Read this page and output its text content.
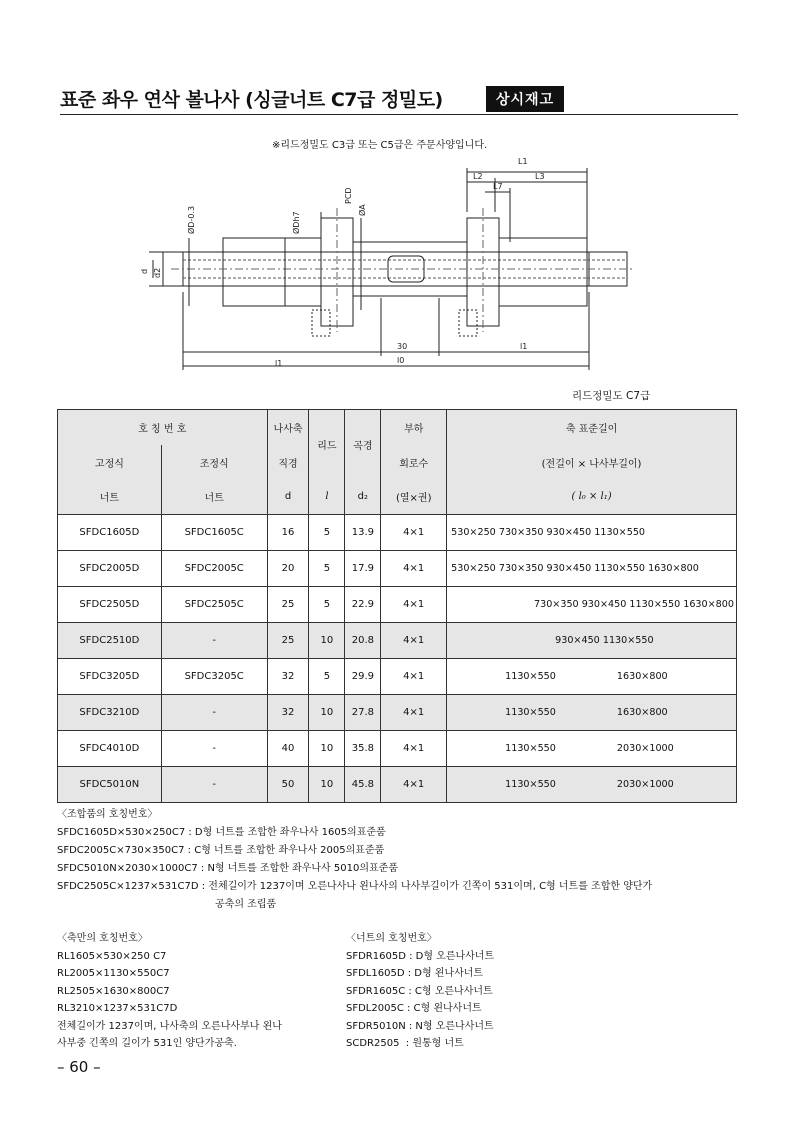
표준 좌우 연삭 볼나사 (싱글너트 C7급 정밀도)	상시재고
※리드정밀도 C3급 또는 C5급은 주문사양입니다.
L1
L2	L3
L7
l1
l1
30
l0
ØD-0.3	ØDh7
PCD
ØA
d d2
리드정밀도 C7급
호 칭 번 호		나사축	리드	곡경	부하	축 표준길이
고정식	조정식	직경			회로수	(전길이 × 나사부길이)
너트	너트	d	l	d₂	(열×권)	( l₀ × l₁)
SFDC1605D	SFDC1605C	16	5	13.9	4×1	530×250 730×350 930×450 1130×550
SFDC2005D	SFDC2005C	20	5	17.9	4×1	530×250 730×350 930×450 1130×550 1630×800
SFDC2505D	SFDC2505C	25	5	22.9	4×1	730×350 930×450 1130×550 1630×800
SFDC2510D	-	25	10	20.8	4×1	930×450 1130×550
SFDC3205D	SFDC3205C	32	5	29.9	4×1	1130×550                    1630×800
SFDC3210D	-	32	10	27.8	4×1	1130×550                    1630×800
SFDC4010D	-	40	10	35.8	4×1	1130×550                    2030×1000
SFDC5010N	-	50	10	45.8	4×1	1130×550                    2030×1000
〈조합품의 호칭번호〉
SFDC1605D×530×250C7 : D형 너트를 조합한 좌우나사 1605의표준품
SFDC2005C×730×350C7 : C형 너트를 조합한 좌우나사 2005의표준품
SFDC5010N×2030×1000C7 : N형 너트를 조합한 좌우나사 5010의표준품
SFDC2505C×1237×531C7D : 전체길이가 1237이며 오른나사나 왼나사의 나사부길이가 긴쪽이 531이며, C형 너트를 조합한 양단가
공축의 조립품
〈축만의 호칭번호〉
RL1605×530×250 C7
RL2005×1130×550C7
RL2505×1630×800C7
RL3210×1237×531C7D
전체길이가 1237이며, 나사축의 오른나사부나 왼나
사부중 긴쪽의 길이가 531인 양단가공축.
〈너트의 호칭번호〉
SFDR1605D : D형 오른나사너트
SFDL1605D : D형 왼나사너트
SFDR1605C : C형 오른나사너트
SFDL2005C : C형 왼나사너트
SFDR5010N : N형 오른나사너트
SCDR2505  : 원통형 너트
– 60 –
